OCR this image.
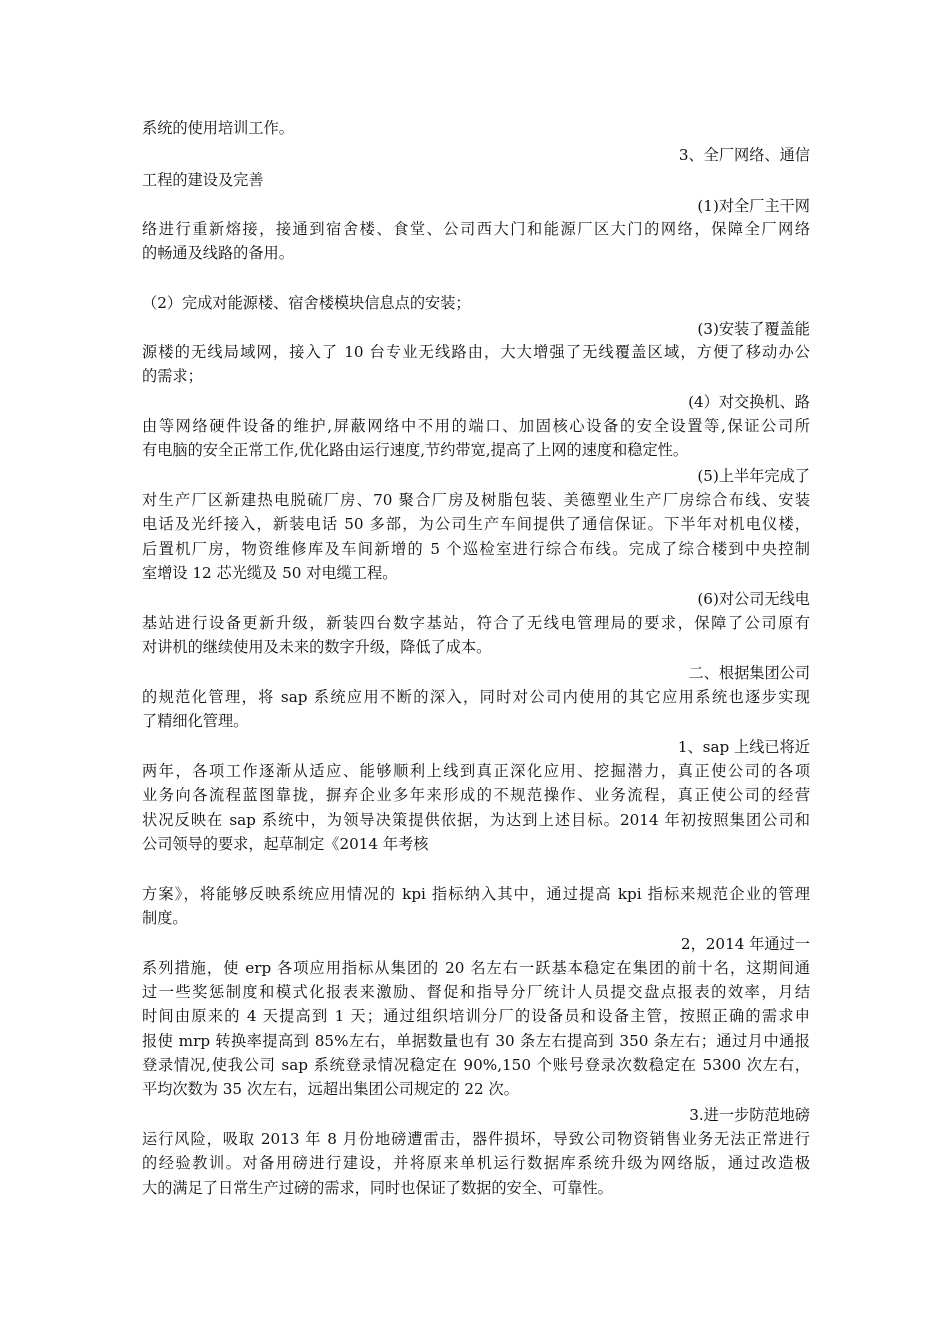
系统的使用培训工作。
3、全厂网络、通信
工程的建设及完善
(1)对全厂主干网
络进行重新熔接，接通到宿舍楼、食堂、公司西大门和能源厂区大门的网络，保障全厂网络
的畅通及线路的备用。
（2）完成对能源楼、宿舍楼模块信息点的安装；
(3)安装了覆盖能
源楼的无线局域网，接入了 10 台专业无线路由，大大增强了无线覆盖区域，方便了移动办公
的需求；
(4）对交换机、路
由等网络硬件设备的维护,屏蔽网络中不用的端口、加固核心设备的安全设置等,保证公司所
有电脑的安全正常工作,优化路由运行速度,节约带宽,提高了上网的速度和稳定性。
(5)上半年完成了
对生产厂区新建热电脱硫厂房、70 聚合厂房及树脂包装、美德塑业生产厂房综合布线、安装
电话及光纤接入，新装电话 50 多部，为公司生产车间提供了通信保证。下半年对机电仪楼，
后置机厂房，物资维修库及车间新增的 5 个巡检室进行综合布线。完成了综合楼到中央控制
室增设 12 芯光缆及 50 对电缆工程。
(6)对公司无线电
基站进行设备更新升级，新装四台数字基站，符合了无线电管理局的要求，保障了公司原有
对讲机的继续使用及未来的数字升级，降低了成本。
二、根据集团公司
的规范化管理，将 sap 系统应用不断的深入，同时对公司内使用的其它应用系统也逐步实现
了精细化管理。
1、sap 上线已将近
两年，各项工作逐渐从适应、能够顺利上线到真正深化应用、挖掘潜力，真正使公司的各项
业务向各流程蓝图靠拢，摒弃企业多年来形成的不规范操作、业务流程，真正使公司的经营
状况反映在 sap 系统中，为领导决策提供依据，为达到上述目标。2014 年初按照集团公司和
公司领导的要求，起草制定《2014 年考核
方案》，将能够反映系统应用情况的 kpi 指标纳入其中，通过提高 kpi 指标来规范企业的管理
制度。
2，2014 年通过一
系列措施，使 erp 各项应用指标从集团的 20 名左右一跃基本稳定在集团的前十名，这期间通
过一些奖惩制度和模式化报表来激励、督促和指导分厂统计人员提交盘点报表的效率，月结
时间由原来的 4 天提高到 1 天；通过组织培训分厂的设备员和设备主管，按照正确的需求申
报使 mrp 转换率提高到 85%左右，单据数量也有 30 条左右提高到 350 条左右；通过月中通报
登录情况,使我公司 sap 系统登录情况稳定在 90%,150 个账号登录次数稳定在 5300 次左右，
平均次数为 35 次左右，远超出集团公司规定的 22 次。
3.进一步防范地磅
运行风险，吸取 2013 年 8 月份地磅遭雷击，器件损坏，导致公司物资销售业务无法正常进行
的经验教训。对备用磅进行建设，并将原来单机运行数据库系统升级为网络版，通过改造极
大的满足了日常生产过磅的需求，同时也保证了数据的安全、可靠性。
